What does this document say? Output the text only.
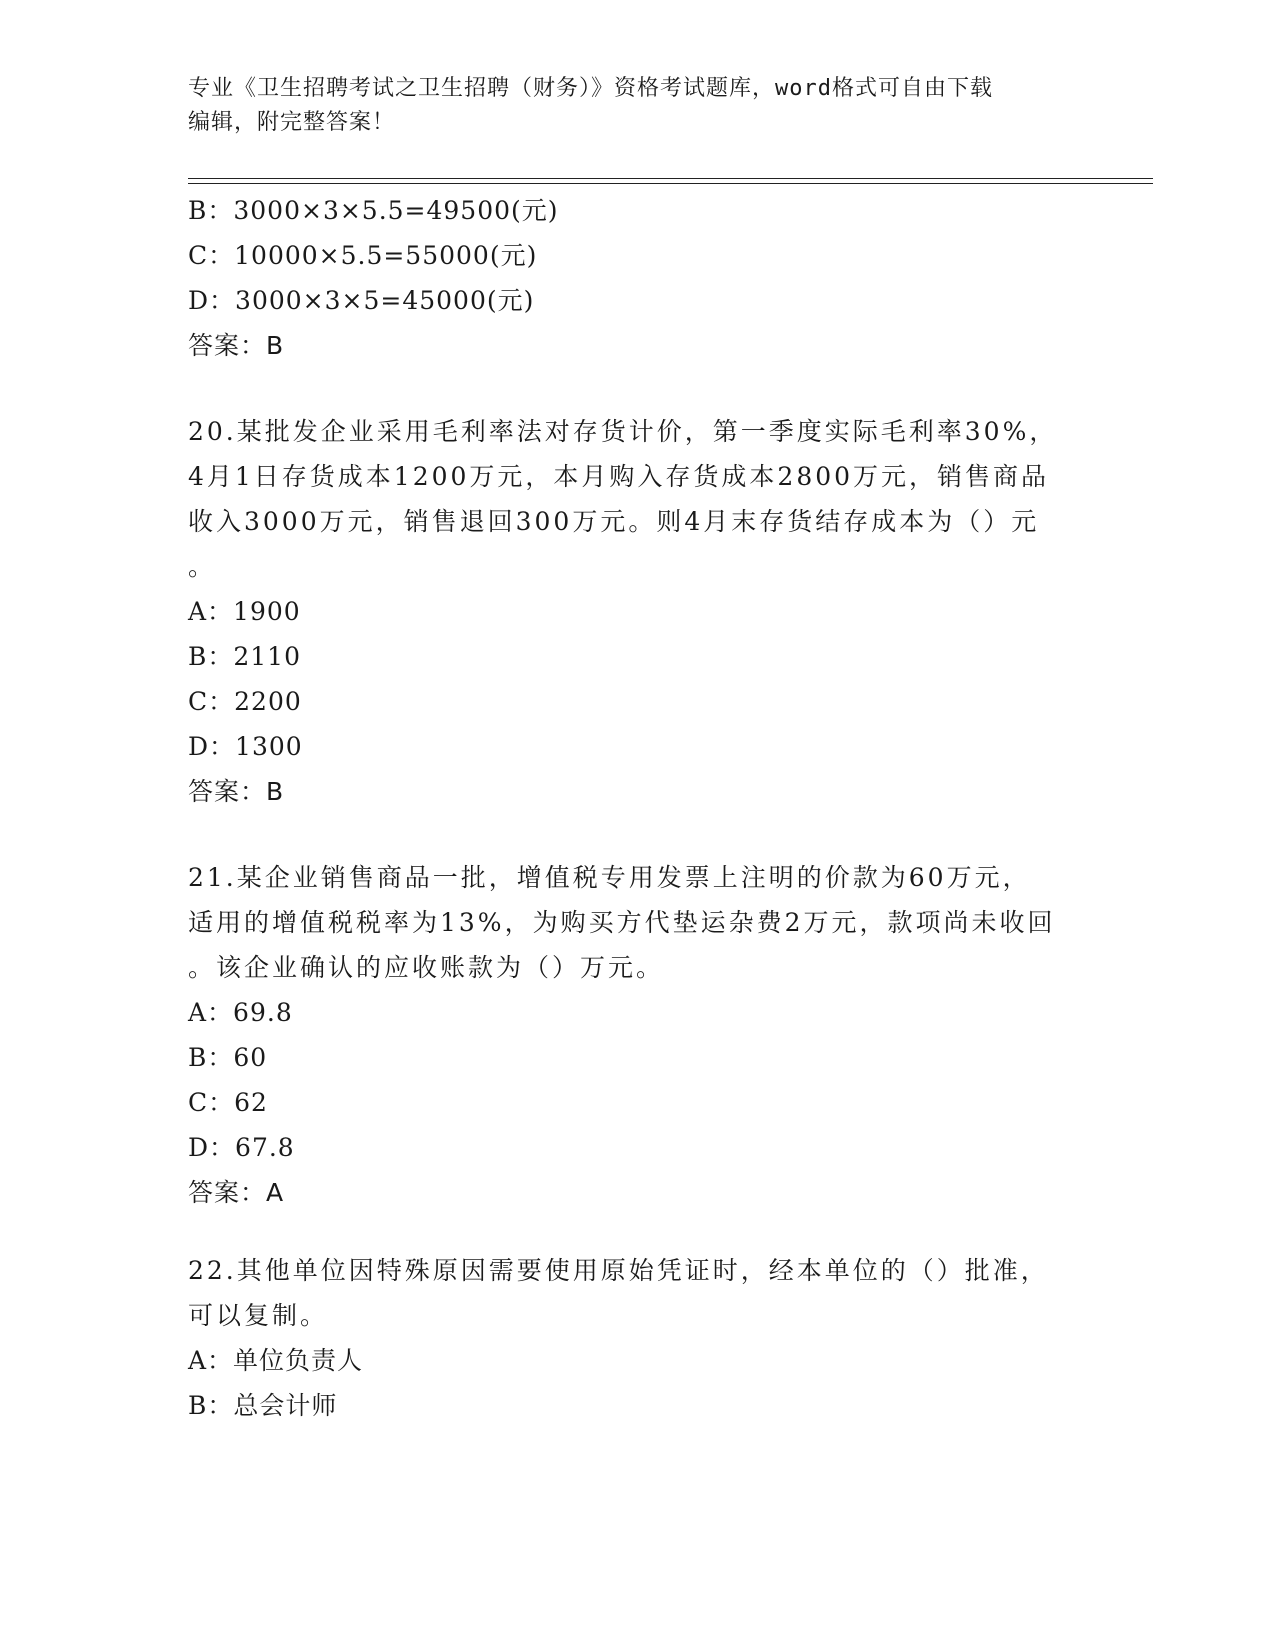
专业《卫生招聘考试之卫生招聘（财务）》资格考试题库，word格式可自由下载
编辑，附完整答案！
B：3000×3×5.5=49500(元)
C：10000×5.5=55000(元)
D：3000×3×5=45000(元)
答案：B
20.某批发企业采用毛利率法对存货计价，第一季度实际毛利率30%，
4月1日存货成本1200万元，本月购入存货成本2800万元，销售商品
收入3000万元，销售退回300万元。则4月末存货结存成本为（）元
。
A：1900
B：2110
C：2200
D：1300
答案：B
21.某企业销售商品一批，增值税专用发票上注明的价款为60万元，
适用的增值税税率为13%，为购买方代垫运杂费2万元，款项尚未收回
。该企业确认的应收账款为（）万元。
A：69.8
B：60
C：62
D：67.8
答案：A
22.其他单位因特殊原因需要使用原始凭证时，经本单位的（）批准，
可以复制。
A：单位负责人
B：总会计师
